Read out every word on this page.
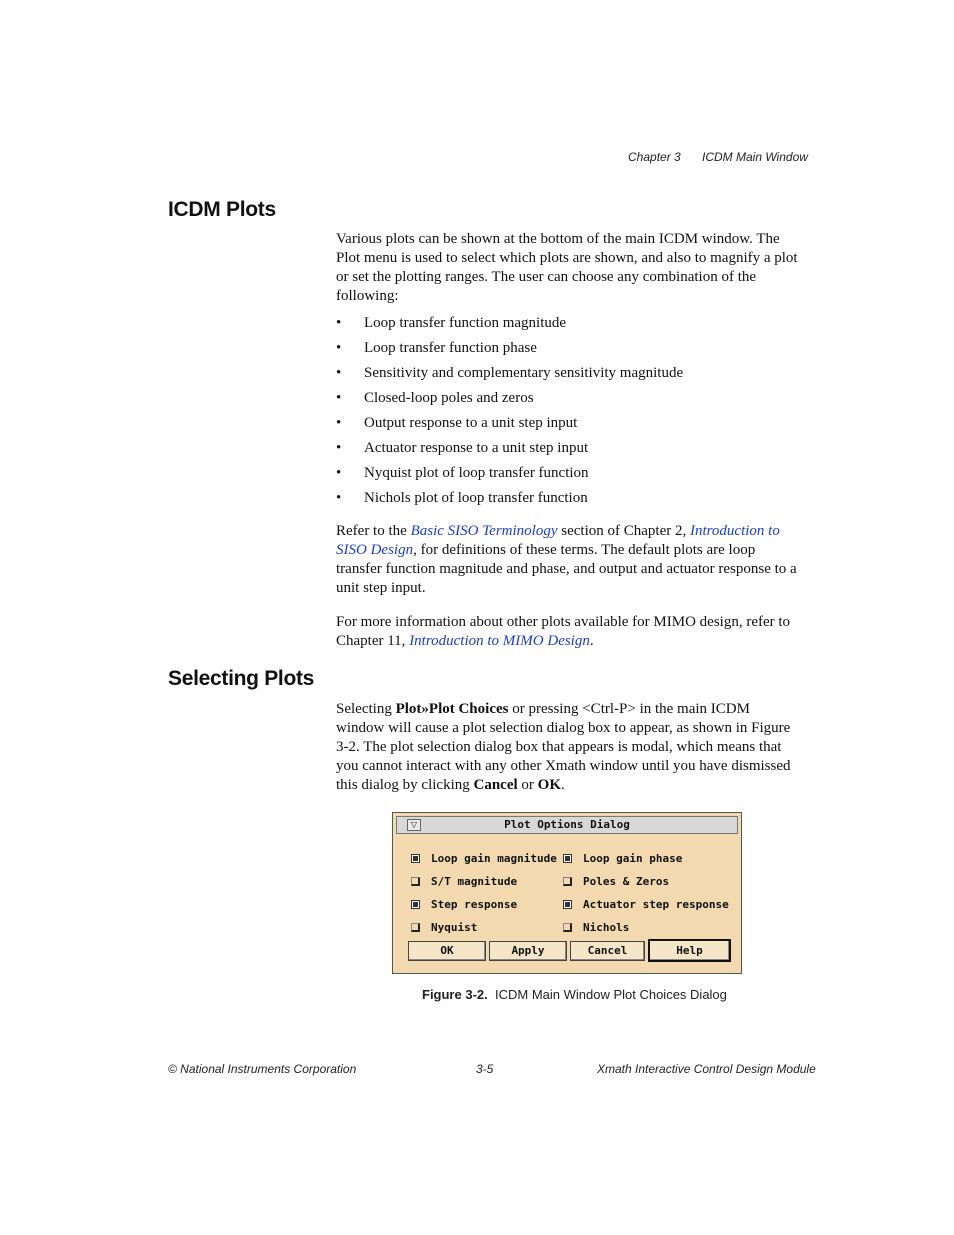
Chapter 3 ICDM Main Window
ICDM Plots

Various plots can be shown at the bottom of the main ICDM window. The Plot menu is used to select which plots are shown, and also to magnify a plot or set the plotting ranges. The user can choose any combination of the following:

• Loop transfer function magnitude
• Loop transfer function phase
• Sensitivity and complementary sensitivity magnitude
• Closed-loop poles and zeros
• Output response to a unit step input
• Actuator response to a unit step input
• Nyquist plot of loop transfer function
• Nichols plot of loop transfer function

Refer to the Basic SISO Terminology section of Chapter 2, Introduction to SISO Design, for definitions of these terms. The default plots are loop transfer function magnitude and phase, and output and actuator response to a unit step input.

For more information about other plots available for MIMO design, refer to Chapter 11, Introduction to MIMO Design.

Selecting Plots

Selecting Plot»Plot Choices or pressing <Ctrl-P> in the main ICDM window will cause a plot selection dialog box to appear, as shown in Figure 3-2. The plot selection dialog box that appears is modal, which means that you cannot interact with any other Xmath window until you have dismissed this dialog by clicking Cancel or OK.

▽	Plot Options Dialog
Loop gain magnitude	Loop gain phase
S/T magnitude	Poles & Zeros
Step response	Actuator step response
Nyquist	Nichols
OK	Apply	Cancel	Help
Figure 3-2. ICDM Main Window Plot Choices Dialog
© National Instruments Corporation	3-5	Xmath Interactive Control Design Module
